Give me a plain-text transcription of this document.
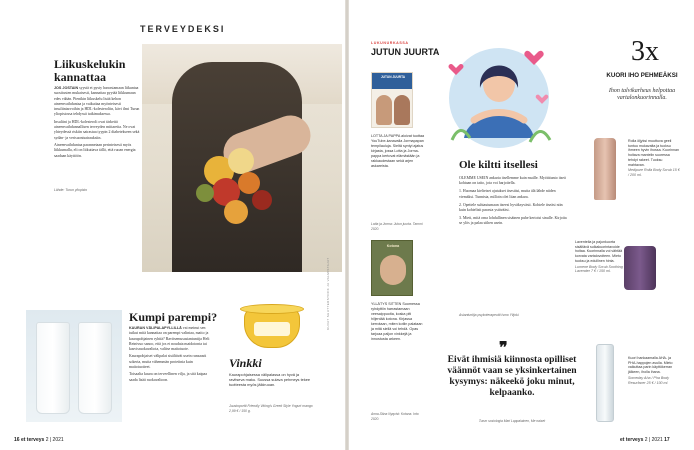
TERVEYDEKSI
Liikuskelukin kannattaa

JOS JOSTAIN syystä et pysty harrastamaan liikuntaa suositusten mukaisesti, kannattaa pyytää liikkumaan edes vähän. Pienikin liikuskelu lisää kehon aineenvaihduntaa ja vaikuttaa myönteisesti insuliiniarvoihin ja HDL-kolesteroliin, kävi ilmi Turun yliopistossa tehdyssä tutkimuksessa.

Insuliini ja HDL-kolesteroli ovat tärkeitä aineenvaihdunnallisen terveyden mittareita. Ne ovat yhteydessä riskiin sairastua tyypin 2 diabetekseen sekä sydän- ja verisuonisairauksiin.

Aineenvaihduntaa parannetaan perinteisesti myös liikkumalla, eli on liikuttava tällä, että ruoan energia saadaan käyttöön.

Lähde: Turun yliopisto
Kumpi parempi?

KAURAN VÄLIPALAPYLLILLÄ vai meinut sen tutkut mitä kannattaa on parempi valintaa, maito ja kaurapohjainen ryhtiä? Ravitsemusasiantuntija Heli Reinivuo sanoo, että jos et noudata maidotonta tai kasvisruokavaliota, valitse maitotuote.

Kaurapohjaiset välipalat sisältävät usein runsaasti sokeria, mutta vähemmän proteiinia kuin maitotuotteet.

Toisaalta kaura on terveellinen vilja, ja sitä kaipaa saada lisää ruokavalioon.

Vinkki
Kaurapohjaisessa välipalassa on hyvä ja ravitseva maku. Suussa sulava pehmeys tekee tuotteesta myös jälkiruoan.
Juustoportti Friendly Viking's Greek Style Yogurt mango 2,99 € / 150 g.
KUVAT SHUTTERSTOCK JA VALMISTAJAT
16 et terveys 2 | 2021
LUKUNURKASSA
JUTUN JUURTA
JUTUN JUURTA
LOTTA JA PAPPA aloivat tuottaa YouTube-kanavalla Jormapapan tempilauluja. Sieltä syntyi ajatus kirjasta, jossa Lotta ja Jorma-pappa kertovat elämästään ja rakkaudestaan sekä arjen askareista.
Lotta ja Jorma: Jutun juurta. Tammi 2020.
Kotona
YLLÄTYS SITTEN Suomessa ryhdyttiin harrastamaan veesaippuoita, koska piti hiljentää kotona. Kirjassa kerrotaan, miten kotiin palataan ja mitä siellä voi tehdä. Opas tarjoaa paljon vinkkejä ja innostusta arkeen.
Anna-Stina Nyqvist: Kotona. Into 2020.
Ole kiltti itsellesi

OLEMME USEIN ankaria itsellemme kuin muille. Myötätunto itseä kohtaan on taito, jota voi harjoitella.

1. Huomaa kielteiset ajatukset itsestäsi, mutta älä lähde niiden viemäksi. Tunnista, milloin olet liian ankara.

2. Opettele suhtautumaan itseesi hyväksyvästi. Kohtele itseäsi niin kuin kohtelisit parasta ystävääsi.

3. Mieti, mitä oma lohdullinen sisäinen puhe kertoisi sinulle. Kirjoita se ylös ja palaa siihen usein.

Asiantuntija psykoterapeutti Ismo Ylijoki.
❞
Eivät ihmisiä kiinnosta opilliset väännöt vaan se yksinkertainen kysymys: näkeekö joku minut, kelpaanko.
Turun sosiologia Mari Lappalainen, Me naiset
3x
KUORI IHO PEHMEÄKSI
Ihon talvikarheus helpottaa vartalonkuorinnalla.
Rolla öljyksi muuttuva geeli tuntuu mukavalta ja tuoksu ihmeen hyvin ihossa. Kuorinnan hoitava mantelin suoressa tehdyt rakeet. Tuoksu mahtavan.
Medipure Rolla Body Scrub 15 € / 200 ml.
Laventelia ja pajunkuorta sisältävä sulkakuorintavoide hoitaa. Kuorinnalla voi vähtää korvata vartalovoiteen. Mieto tuoksu ja edullinen hinta.
Lumene Body Scrub Soothing Lavender 7 € / 150 ml.
Kuori hankaamalla AHA- ja PHA-happojen avulla. Mieto vaikuttaa parin käyttökerran jälkeen, iholla ihana.
Someday Aha / Pha Body Resurfacer 25 € / 100 ml.
et terveys 2 | 2021 17
